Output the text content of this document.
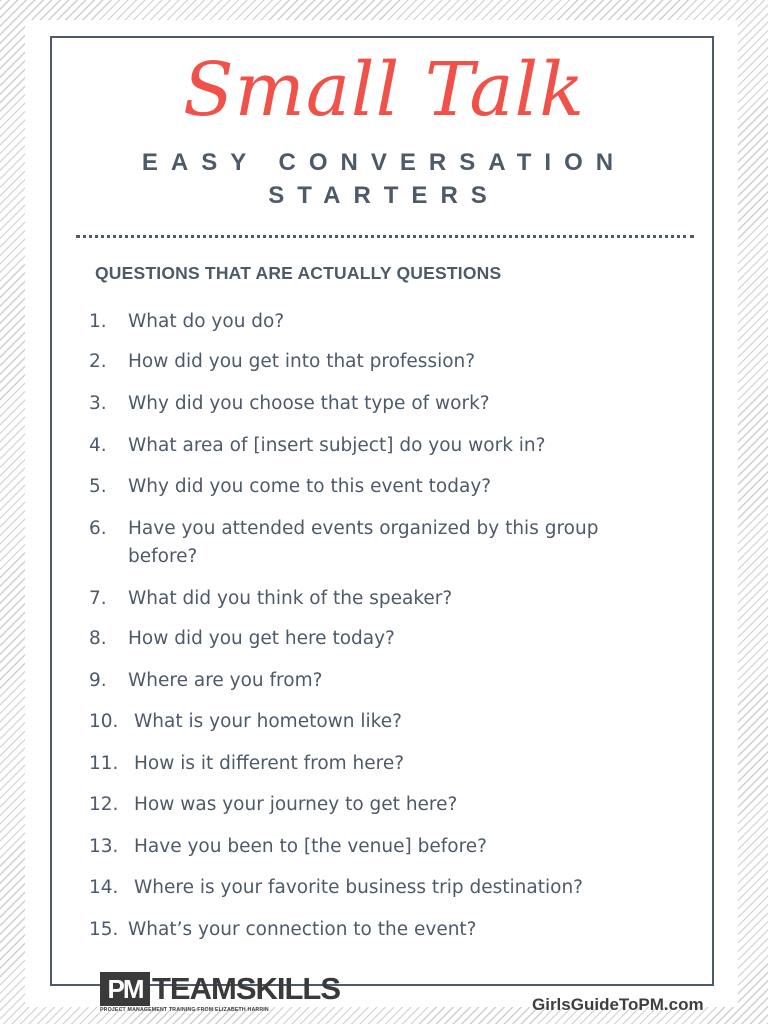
Small Talk
EASY CONVERSATION
STARTERS
QUESTIONS THAT ARE ACTUALLY QUESTIONS
1. What do you do?
2. How did you get into that profession?
3. Why did you choose that type of work?
4. What area of [insert subject] do you work in?
5. Why did you come to this event today?
6. Have you attended events organized by this group before?
7. What did you think of the speaker?
8. How did you get here today?
9. Where are you from?
10. What is your hometown like?
11. How is it different from here?
12. How was your journey to get here?
13. Have you been to [the venue] before?
14. Where is your favorite business trip destination?
15. What’s your connection to the event?
PM TEAMSKILLS
PROJECT MANAGEMENT TRAINING FROM ELIZABETH HARRIN	GirlsGuideToPM.com
